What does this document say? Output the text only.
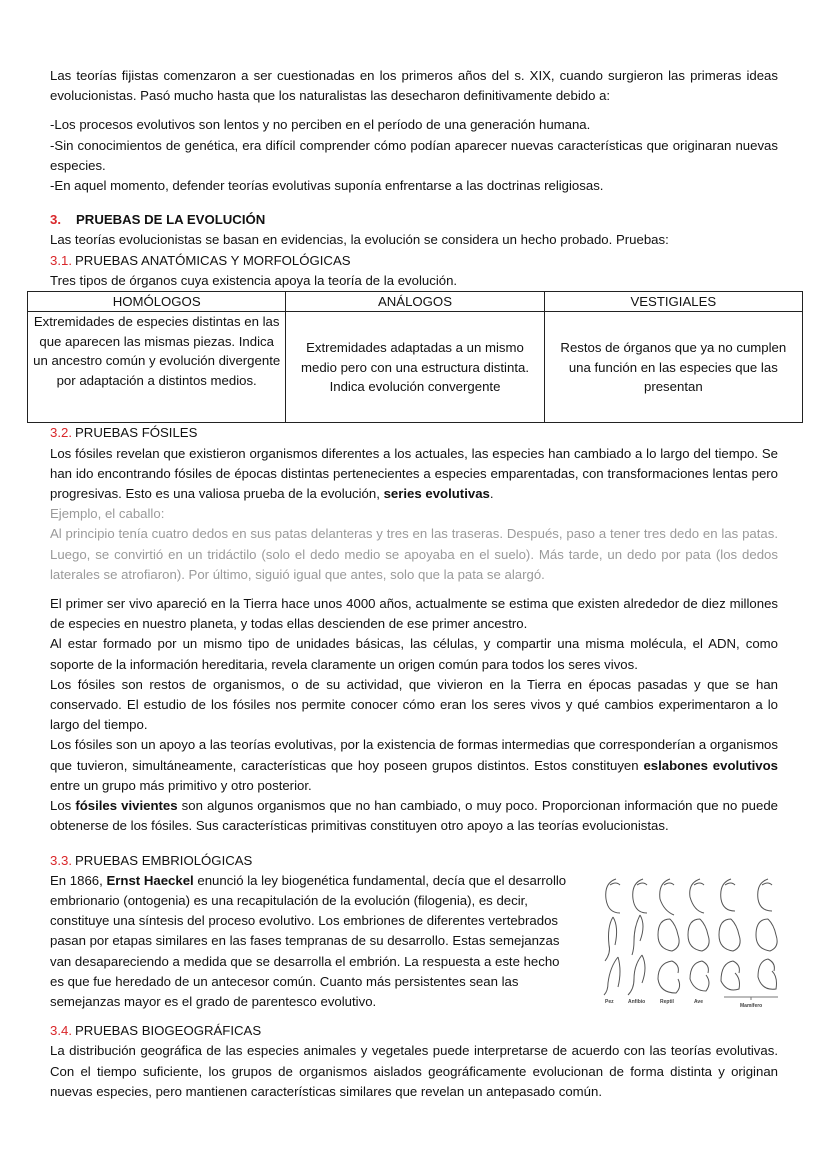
Las teorías fijistas comenzaron a ser cuestionadas en los primeros años del s. XIX, cuando surgieron las primeras ideas evolucionistas. Pasó mucho hasta que los naturalistas las desecharon definitivamente debido a:

-Los procesos evolutivos son lentos y no perciben en el período de una generación humana.

-Sin conocimientos de genética, era difícil comprender cómo podían aparecer nuevas características que originaran nuevas especies.

-En aquel momento, defender teorías evolutivas suponía enfrentarse a las doctrinas religiosas.

3. PRUEBAS DE LA EVOLUCIÓN

Las teorías evolucionistas se basan en evidencias, la evolución se considera un hecho probado. Pruebas:

3.1. PRUEBAS ANATÓMICAS Y MORFOLÓGICAS

Tres tipos de órganos cuya existencia apoya la teoría de la evolución.

HOMÓLOGOS	ANÁLOGOS	VESTIGIALES
Extremidades de especies distintas en las que aparecen las mismas piezas. Indica un ancestro común y evolución divergente por adaptación a distintos medios.	Extremidades adaptadas a un mismo medio pero con una estructura distinta. Indica evolución convergente	Restos de órganos que ya no cumplen una función en las especies que las presentan

3.2. PRUEBAS FÓSILES

Los fósiles revelan que existieron organismos diferentes a los actuales, las especies han cambiado a lo largo del tiempo. Se han ido encontrando fósiles de épocas distintas pertenecientes a especies emparentadas, con transformaciones lentas pero progresivas. Esto es una valiosa prueba de la evolución, series evolutivas.

Ejemplo, el caballo:

Al principio tenía cuatro dedos en sus patas delanteras y tres en las traseras. Después, paso a tener tres dedo en las patas. Luego, se convirtió en un tridáctilo (solo el dedo medio se apoyaba en el suelo). Más tarde, un dedo por pata (los dedos laterales se atrofiaron). Por último, siguió igual que antes, solo que la pata se alargó.

El primer ser vivo apareció en la Tierra hace unos 4000 años, actualmente se estima que existen alrededor de diez millones de especies en nuestro planeta, y todas ellas descienden de ese primer ancestro.

Al estar formado por un mismo tipo de unidades básicas, las células, y compartir una misma molécula, el ADN, como soporte de la información hereditaria, revela claramente un origen común para todos los seres vivos.

Los fósiles son restos de organismos, o de su actividad, que vivieron en la Tierra en épocas pasadas y que se han conservado. El estudio de los fósiles nos permite conocer cómo eran los seres vivos y qué cambios experimentaron a lo largo del tiempo.

Los fósiles son un apoyo a las teorías evolutivas, por la existencia de formas intermedias que corresponderían a organismos que tuvieron, simultáneamente, características que hoy poseen grupos distintos. Estos constituyen eslabones evolutivos entre un grupo más primitivo y otro posterior.

Los fósiles vivientes son algunos organismos que no han cambiado, o muy poco. Proporcionan información que no puede obtenerse de los fósiles. Sus características primitivas constituyen otro apoyo a las teorías evolucionistas.

3.3. PRUEBAS EMBRIOLÓGICAS

En 1866, Ernst Haeckel enunció la ley biogenética fundamental, decía que el desarrollo embrionario (ontogenia) es una recapitulación de la evolución (filogenia), es decir, constituye una síntesis del proceso evolutivo. Los embriones de diferentes vertebrados pasan por etapas similares en las fases tempranas de su desarrollo. Estas semejanzas van desapareciendo a medida que se desarrolla el embrión. La respuesta a este hecho es que fue heredado de un antecesor común. Cuanto más persistentes sean las semejanzas mayor es el grado de parentesco evolutivo.	Pez	Anfibio	Reptil	Ave
Mamífero

3.4. PRUEBAS BIOGEOGRÁFICAS

La distribución geográfica de las especies animales y vegetales puede interpretarse de acuerdo con las teorías evolutivas. Con el tiempo suficiente, los grupos de organismos aislados geográficamente evolucionan de forma distinta y originan nuevas especies, pero mantienen características similares que revelan un antepasado común.
